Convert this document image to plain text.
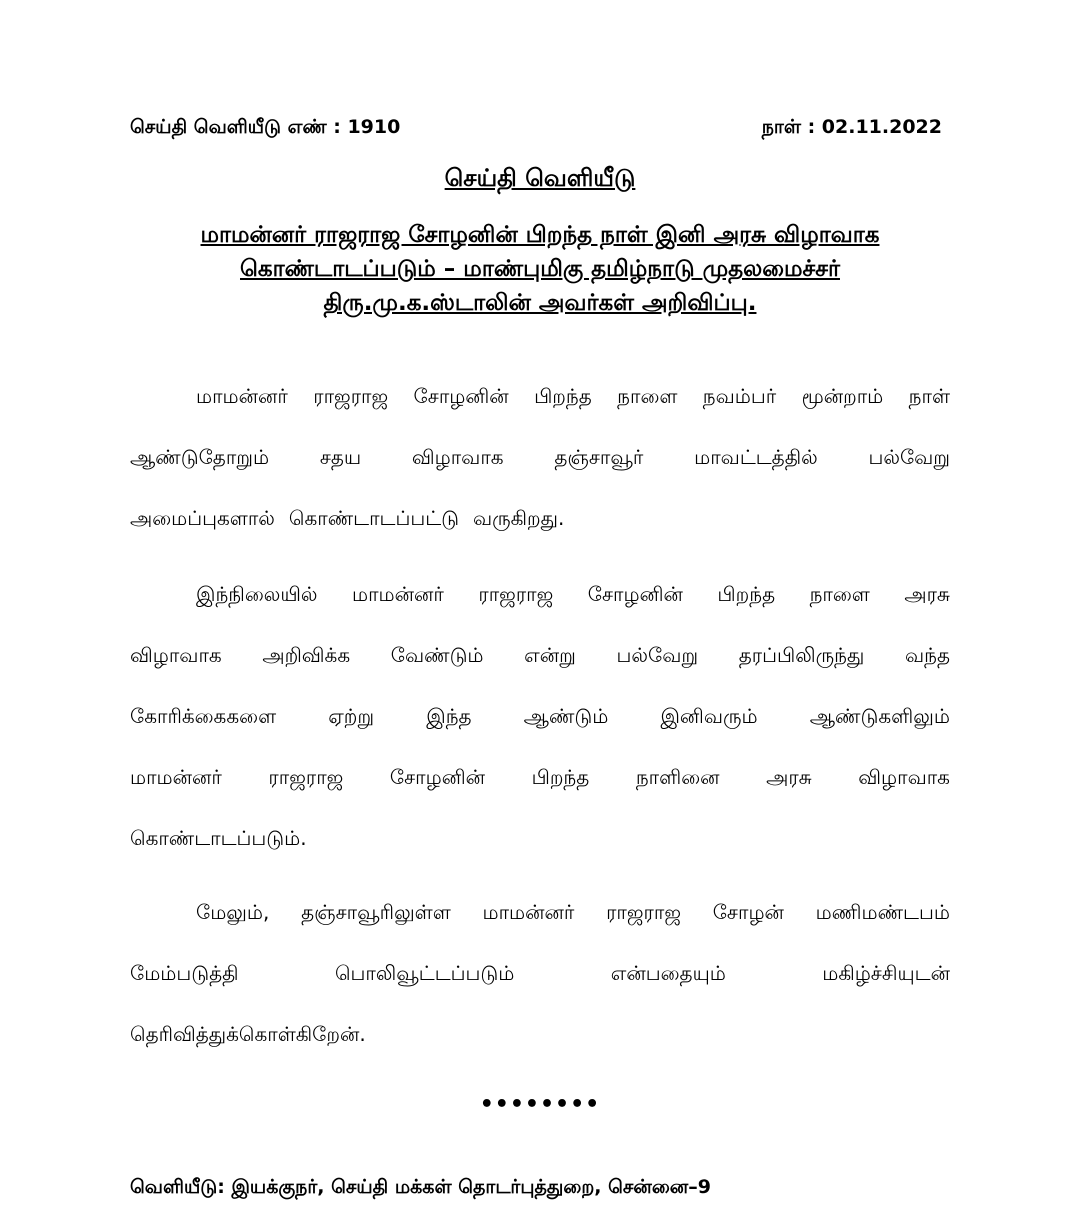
செய்தி வெளியீடு எண் : 1910	நாள் : 02.11.2022
செய்தி வெளியீடு
மாமன்னர் ராஜராஜ சோழனின் பிறந்த நாள் இனி அரசு விழாவாக
கொண்டாடப்படும் – மாண்புமிகு தமிழ்நாடு முதலமைச்சர்
திரு.மு.க.ஸ்டாலின் அவர்கள் அறிவிப்பு.
மாமன்னர் ராஜராஜ சோழனின் பிறந்த நாளை நவம்பர் மூன்றாம் நாள்
ஆண்டுதோறும்	சதய	விழாவாக	தஞ்சாவூர்	மாவட்டத்தில்	பல்வேறு
அமைப்புகளால் கொண்டாடப்பட்டு வருகிறது.
இந்நிலையில் மாமன்னர் ராஜராஜ சோழனின் பிறந்த நாளை அரசு
விழாவாக அறிவிக்க வேண்டும் என்று பல்வேறு தரப்பிலிருந்து வந்த
கோரிக்கைகளை	ஏற்று	இந்த	ஆண்டும்	இனிவரும்	ஆண்டுகளிலும்
மாமன்னர் ராஜராஜ சோழனின் பிறந்த நாளினை அரசு விழாவாக
கொண்டாடப்படும்.
மேலும், தஞ்சாவூரிலுள்ள மாமன்னர் ராஜராஜ சோழன் மணிமண்டபம்
மேம்படுத்தி	பொலிவூட்டப்படும்	என்பதையும்	மகிழ்ச்சியுடன்
தெரிவித்துக்கொள்கிறேன்.
••••••••
வெளியீடு: இயக்குநர், செய்தி மக்கள் தொடர்புத்துறை, சென்னை–9
